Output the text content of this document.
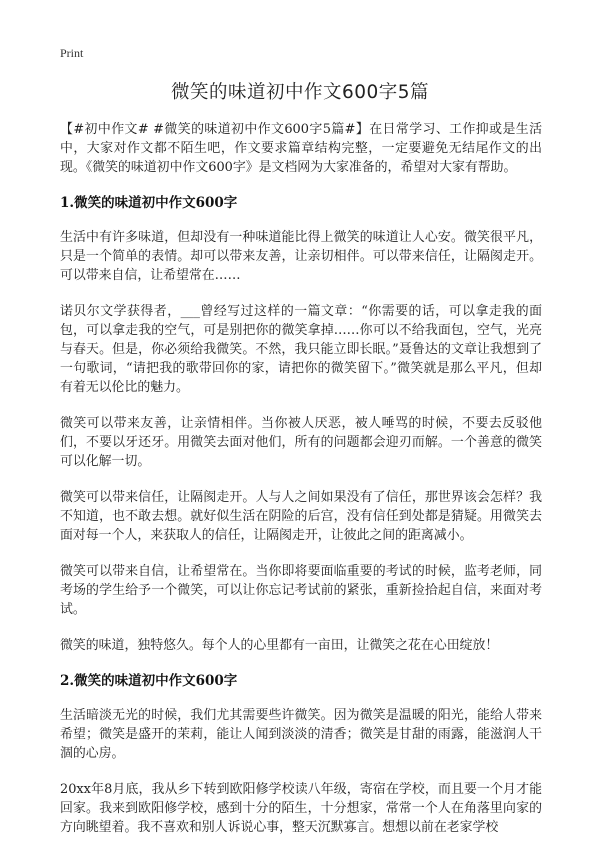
Print
微笑的味道初中作文600字5篇

【#初中作文# #微笑的味道初中作文600字5篇#】在日常学习、工作抑或是生活中，大家对作文都不陌生吧，作文要求篇章结构完整，一定要避免无结尾作文的出现。《微笑的味道初中作文600字》是文档网为大家准备的，希望对大家有帮助。

1.微笑的味道初中作文600字

生活中有许多味道，但却没有一种味道能比得上微笑的味道让人心安。微笑很平凡，只是一个简单的表情。却可以带来友善，让亲切相伴。可以带来信任，让隔阂走开。可以带来自信，让希望常在……

诺贝尔文学获得者，___曾经写过这样的一篇文章：“你需要的话，可以拿走我的面包，可以拿走我的空气，可是别把你的微笑拿掉……你可以不给我面包，空气，光亮与春天。但是，你必须给我微笑。不然，我只能立即长眠。”聂鲁达的文章让我想到了一句歌词，“请把我的歌带回你的家，请把你的微笑留下。”微笑就是那么平凡，但却有着无以伦比的魅力。

微笑可以带来友善，让亲情相伴。当你被人厌恶，被人唾骂的时候，不要去反驳他们，不要以牙还牙。用微笑去面对他们，所有的问题都会迎刃而解。一个善意的微笑可以化解一切。

微笑可以带来信任，让隔阂走开。人与人之间如果没有了信任，那世界该会怎样？我不知道，也不敢去想。就好似生活在阴险的后宫，没有信任到处都是猜疑。用微笑去面对每一个人，来获取人的信任，让隔阂走开，让彼此之间的距离减小。

微笑可以带来自信，让希望常在。当你即将要面临重要的考试的时候，监考老师，同考场的学生给予一个微笑，可以让你忘记考试前的紧张，重新捡拾起自信，来面对考试。

微笑的味道，独特悠久。每个人的心里都有一亩田，让微笑之花在心田绽放！

2.微笑的味道初中作文600字

生活暗淡无光的时候，我们尤其需要些许微笑。因为微笑是温暖的阳光，能给人带来希望；微笑是盛开的茉莉，能让人闻到淡淡的清香；微笑是甘甜的雨露，能滋润人干涸的心房。

20xx年8月底，我从乡下转到欧阳修学校读八年级，寄宿在学校，而且要一个月才能回家。我来到欧阳修学校，感到十分的陌生，十分想家，常常一个人在角落里向家的方向眺望着。我不喜欢和别人诉说心事，整天沉默寡言。想想以前在老家学校
